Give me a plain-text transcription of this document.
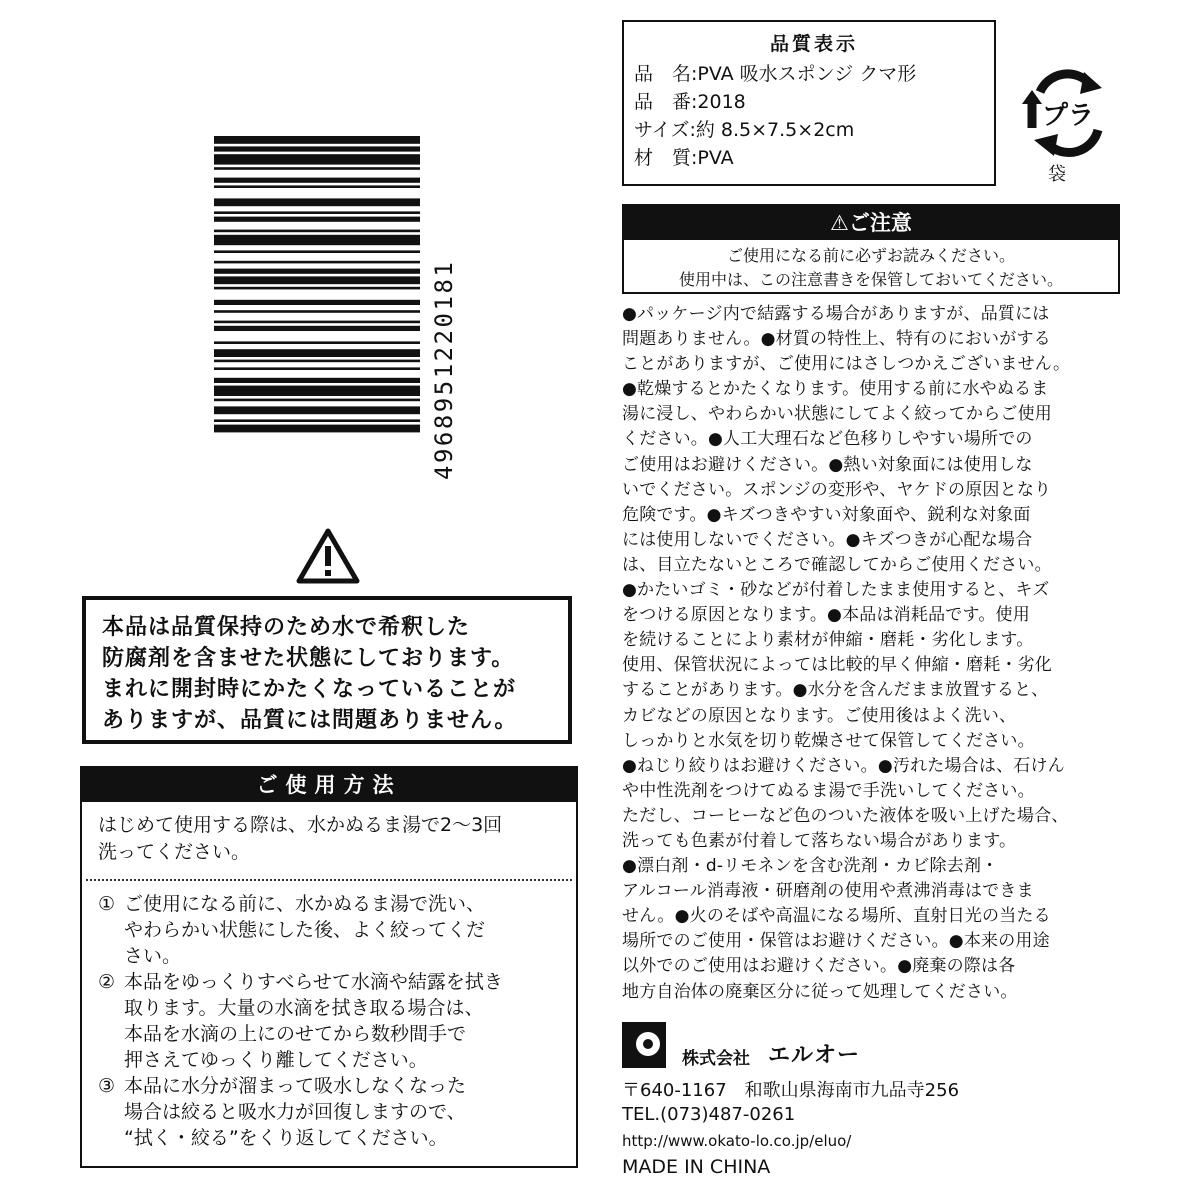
4968951220181
本品は品質保持のため水で希釈した
防腐剤を含ませた状態にしております。
まれに開封時にかたくなっていることが
ありますが、品質には問題ありません。
ご使用方法
はじめて使用する際は、水かぬるま湯で2〜3回
洗ってください。
① ご使用になる前に、水かぬるま湯で洗い、
やわらかい状態にした後、よく絞ってくだ
さい。
② 本品をゆっくりすべらせて水滴や結露を拭き
取ります。大量の水滴を拭き取る場合は、
本品を水滴の上にのせてから数秒間手で
押さえてゆっくり離してください。
③ 本品に水分が溜まって吸水しなくなった
場合は絞ると吸水力が回復しますので、
“拭く・絞る”をくり返してください。
品質表示
品　名:PVA 吸水スポンジ クマ形
品　番:2018
サイズ:約 8.5×7.5×2cm
材　質:PVA
プラ
袋
⚠ご注意
ご使用になる前に必ずお読みください。
使用中は、この注意書きを保管しておいてください。
●パッケージ内で結露する場合がありますが、品質には
問題ありません。●材質の特性上、特有のにおいがする
ことがありますが、ご使用にはさしつかえございません。
●乾燥するとかたくなります。使用する前に水やぬるま
湯に浸し、やわらかい状態にしてよく絞ってからご使用
ください。●人工大理石など色移りしやすい場所での
ご使用はお避けください。●熱い対象面には使用しな
いでください。スポンジの変形や、ヤケドの原因となり
危険です。●キズつきやすい対象面や、鋭利な対象面
には使用しないでください。●キズつきが心配な場合
は、目立たないところで確認してからご使用ください。
●かたいゴミ・砂などが付着したまま使用すると、キズ
をつける原因となります。●本品は消耗品です。使用
を続けることにより素材が伸縮・磨耗・劣化します。
使用、保管状況によっては比較的早く伸縮・磨耗・劣化
することがあります。●水分を含んだまま放置すると、
カビなどの原因となります。ご使用後はよく洗い、
しっかりと水気を切り乾燥させて保管してください。
●ねじり絞りはお避けください。●汚れた場合は、石けん
や中性洗剤をつけてぬるま湯で手洗いしてください。
ただし、コーヒーなど色のついた液体を吸い上げた場合、
洗っても色素が付着して落ちない場合があります。
●漂白剤・d-リモネンを含む洗剤・カビ除去剤・
アルコール消毒液・研磨剤の使用や煮沸消毒はできま
せん。●火のそばや高温になる場所、直射日光の当たる
場所でのご使用・保管はお避けください。●本来の用途
以外でのご使用はお避けください。●廃棄の際は各
地方自治体の廃棄区分に従って処理してください。
株式会社 エルオー
〒640-1167　和歌山県海南市九品寺256
TEL.(073)487-0261
http://www.okato-lo.co.jp/eluo/
MADE IN CHINA
